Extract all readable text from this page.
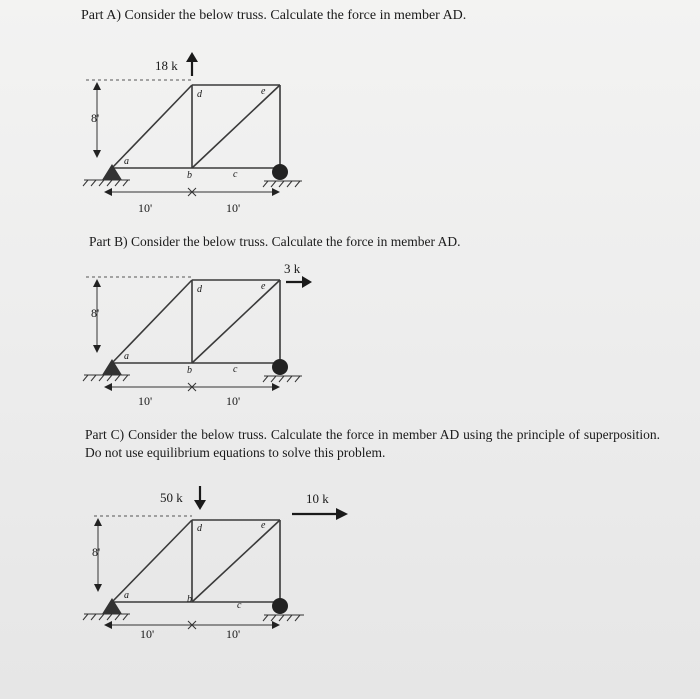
Part A) Consider the below truss. Calculate the force in member AD.

8'
10'	10'
a
b	c
d	e
18 k

Part B) Consider the below truss. Calculate the force in member AD.

8'
10'	10'
a
b	c
d	e
3 k

Part C) Consider the below truss. Calculate the force in member AD using the principle of superposition. Do not use equilibrium equations to solve this problem.

8'
10'	10'
a	b
c
d	e
50 k	10 k
